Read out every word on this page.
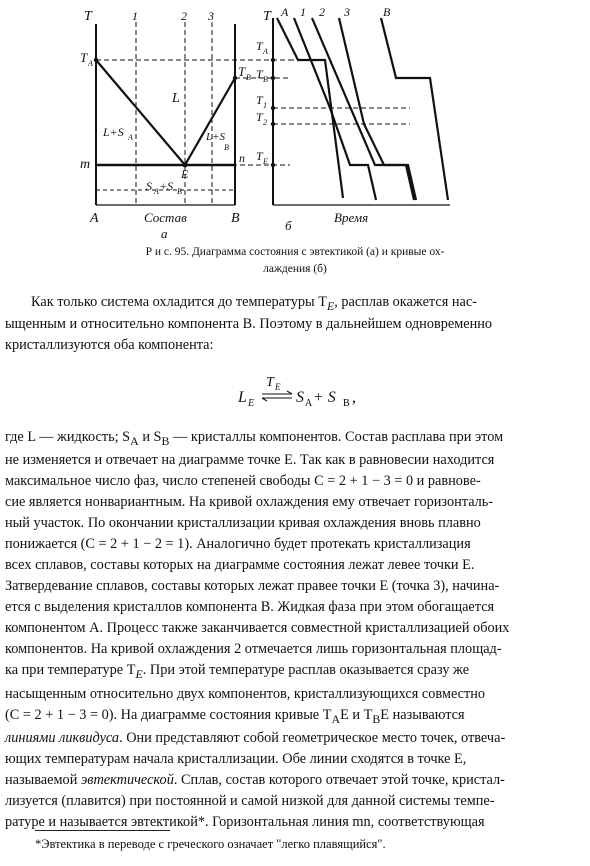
T	1	2 3
T A
T B
m	n
E
L
L+S A	L+S
B
S A +S B
A	B
Состав
а
T A 1 2 3	B
T A
T B
T 1
T 2
T E
Время
б
Р и с. 95. Диаграмма состояния с эвтектикой (а) и кривые ох-
лаждения (б)

Как только система охладится до температуры $T_E$, расплав окажется нас-

ыщенным и относительно компонента B. Поэтому в дальнейшем одновременно

кристаллизуются оба компонента:

L E
T E
S A + S B ,

где L — жидкость; $S_A$ и $S_B$ — кристаллы компонентов. Состав расплава при этом

не изменяется и отвечает на диаграмме точке E. Так как в равновесии находится

максимальное число фаз, число степеней свободы C = 2 + 1 − 3 = 0 и равнове-

сие является нонвариантным. На кривой охлаждения ему отвечает горизонталь-

ный участок. По окончании кристаллизации кривая охлаждения вновь плавно

понижается (C = 2 + 1 − 2 = 1). Аналогично будет протекать кристаллизация

всех сплавов, составы которых на диаграмме состояния лежат левее точки E.

Затвердевание сплавов, составы которых лежат правее точки E (точка 3), начина-

ется с выделения кристаллов компонента B. Жидкая фаза при этом обогащается

компонентом A. Процесс также заканчивается совместной кристаллизацией обоих

компонентов. На кривой охлаждения 2 отмечается лишь горизонтальная площад-

ка при температуре $T_E$. При этой температуре расплав оказывается сразу же

насыщенным относительно двух компонентов, кристаллизующихся совместно

(C = 2 + 1 − 3 = 0). На диаграмме состояния кривые $T_AE$ и $T_BE$ называются

линиями ликвидуса. Они представляют собой геометрическое место точек, отвеча-

ющих температурам начала кристаллизации. Обе линии сходятся в точке E,

называемой эвтектической. Сплав, состав которого отвечает этой точке, кристал-

лизуется (плавится) при постоянной и самой низкой для данной системы темпе-

ратуре и называется эвтектикой*. Горизонтальная линия mn, соответствующая

*Эвтектика в переводе с греческого означает "легко плавящийся".
